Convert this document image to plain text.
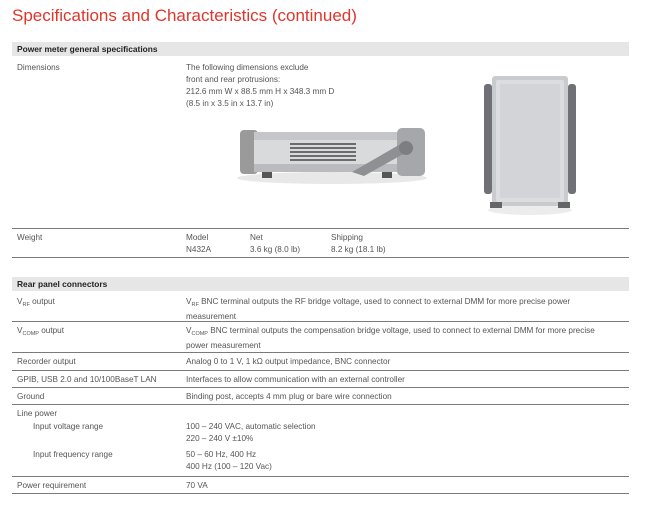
Specifications and Characteristics (continued)
Power meter general specifications
Dimensions	The following dimensions exclude
front and rear protrusions:
212.6 mm W x 88.5 mm H x 348.3 mm D
(8.5 in x 3.5 in x 13.7 in)
Weight	Model	Net	Shipping
N432A	3.6 kg (8.0 lb)	8.2 kg (18.1 lb)
Rear panel connectors
$V_{RF}$ output	$V_{RF}$ BNC terminal outputs the RF bridge voltage, used to connect to external DMM for more precise power measurement
$V_{COMP}$ output	$V_{COMP}$ BNC terminal outputs the compensation bridge voltage, used to connect to external DMM for more precise power measurement
Recorder output	Analog 0 to 1 V, 1 kΩ output impedance, BNC connector
GPIB, USB 2.0 and 10/100BaseT LAN	Interfaces to allow communication with an external controller
Ground	Binding post, accepts 4 mm plug or bare wire connection
Line power
Input voltage range	100 – 240 VAC, automatic selection
220 – 240 V ±10%
Input frequency range	50 – 60 Hz, 400 Hz
400 Hz (100 – 120 Vac)
Power requirement	70 VA
